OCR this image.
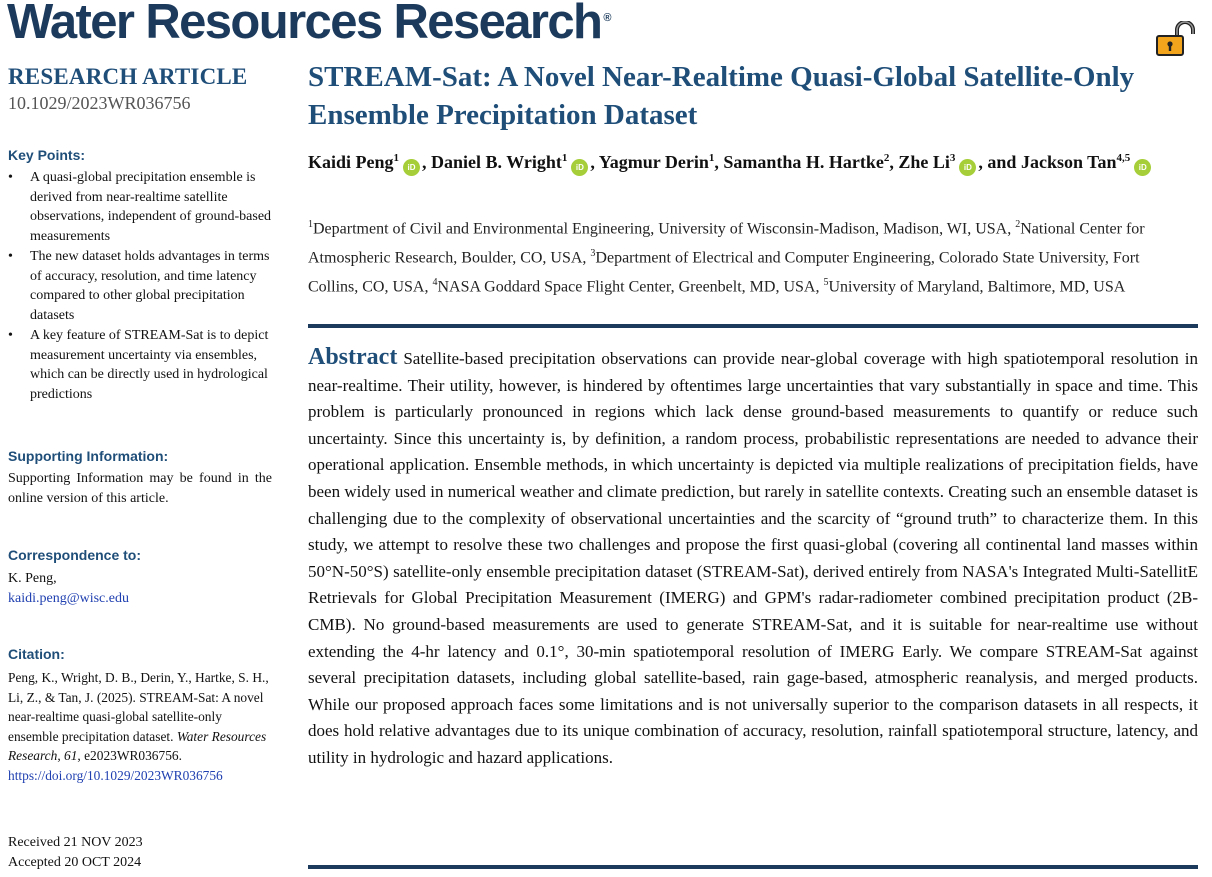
Water Resources Research ®
RESEARCH ARTICLE
10.1029/2023WR036756
Key Points:
• A quasi-global precipitation ensemble is derived from near-realtime satellite observations, independent of ground-based measurements
• The new dataset holds advantages in terms of accuracy, resolution, and time latency compared to other global precipitation datasets
• A key feature of STREAM-Sat is to depict measurement uncertainty via ensembles, which can be directly used in hydrological predictions
Supporting Information:
Supporting Information may be found in the online version of this article.
Correspondence to:
K. Peng,
kaidi.peng@wisc.edu
Citation:
Peng, K., Wright, D. B., Derin, Y., Hartke, S. H., Li, Z., & Tan, J. (2025). STREAM-Sat: A novel near-realtime quasi-global satellite-only ensemble precipitation dataset. Water Resources Research, 61, e2023WR036756. https://doi.org/10.1029/2023WR036756
Received 21 NOV 2023
Accepted 20 OCT 2024
STREAM-Sat: A Novel Near-Realtime Quasi-Global Satellite-Only Ensemble Precipitation Dataset
Kaidi Peng$^1$iD , Daniel B. Wright$^1$iD , Yagmur Derin$^1$, Samantha H. Hartke$^2$, Zhe Li$^3$iD , and Jackson Tan$^{4,5}$iD
$^1$Department of Civil and Environmental Engineering, University of Wisconsin-Madison, Madison, WI, USA, $^2$National Center for Atmospheric Research, Boulder, CO, USA, $^3$Department of Electrical and Computer Engineering, Colorado State University, Fort Collins, CO, USA, $^4$NASA Goddard Space Flight Center, Greenbelt, MD, USA, $^5$University of Maryland, Baltimore, MD, USA
Abstract Satellite-based precipitation observations can provide near-global coverage with high spatiotemporal resolution in near-realtime. Their utility, however, is hindered by oftentimes large uncertainties that vary substantially in space and time. This problem is particularly pronounced in regions which lack dense ground-based measurements to quantify or reduce such uncertainty. Since this uncertainty is, by definition, a random process, probabilistic representations are needed to advance their operational application. Ensemble methods, in which uncertainty is depicted via multiple realizations of precipitation fields, have been widely used in numerical weather and climate prediction, but rarely in satellite contexts. Creating such an ensemble dataset is challenging due to the complexity of observational uncertainties and the scarcity of “ground truth” to characterize them. In this study, we attempt to resolve these two challenges and propose the first quasi-global (covering all continental land masses within 50°N-50°S) satellite-only ensemble precipitation dataset (STREAM-Sat), derived entirely from NASA's Integrated Multi-SatellitE Retrievals for Global Precipitation Measurement (IMERG) and GPM's radar-radiometer combined precipitation product (2B-CMB). No ground-based measurements are used to generate STREAM-Sat, and it is suitable for near-realtime use without extending the 4-hr latency and 0.1°, 30-min spatiotemporal resolution of IMERG Early. We compare STREAM-Sat against several precipitation datasets, including global satellite-based, rain gage-based, atmospheric reanalysis, and merged products. While our proposed approach faces some limitations and is not universally superior to the comparison datasets in all respects, it does hold relative advantages due to its unique combination of accuracy, resolution, rainfall spatiotemporal structure, latency, and utility in hydrologic and hazard applications.
